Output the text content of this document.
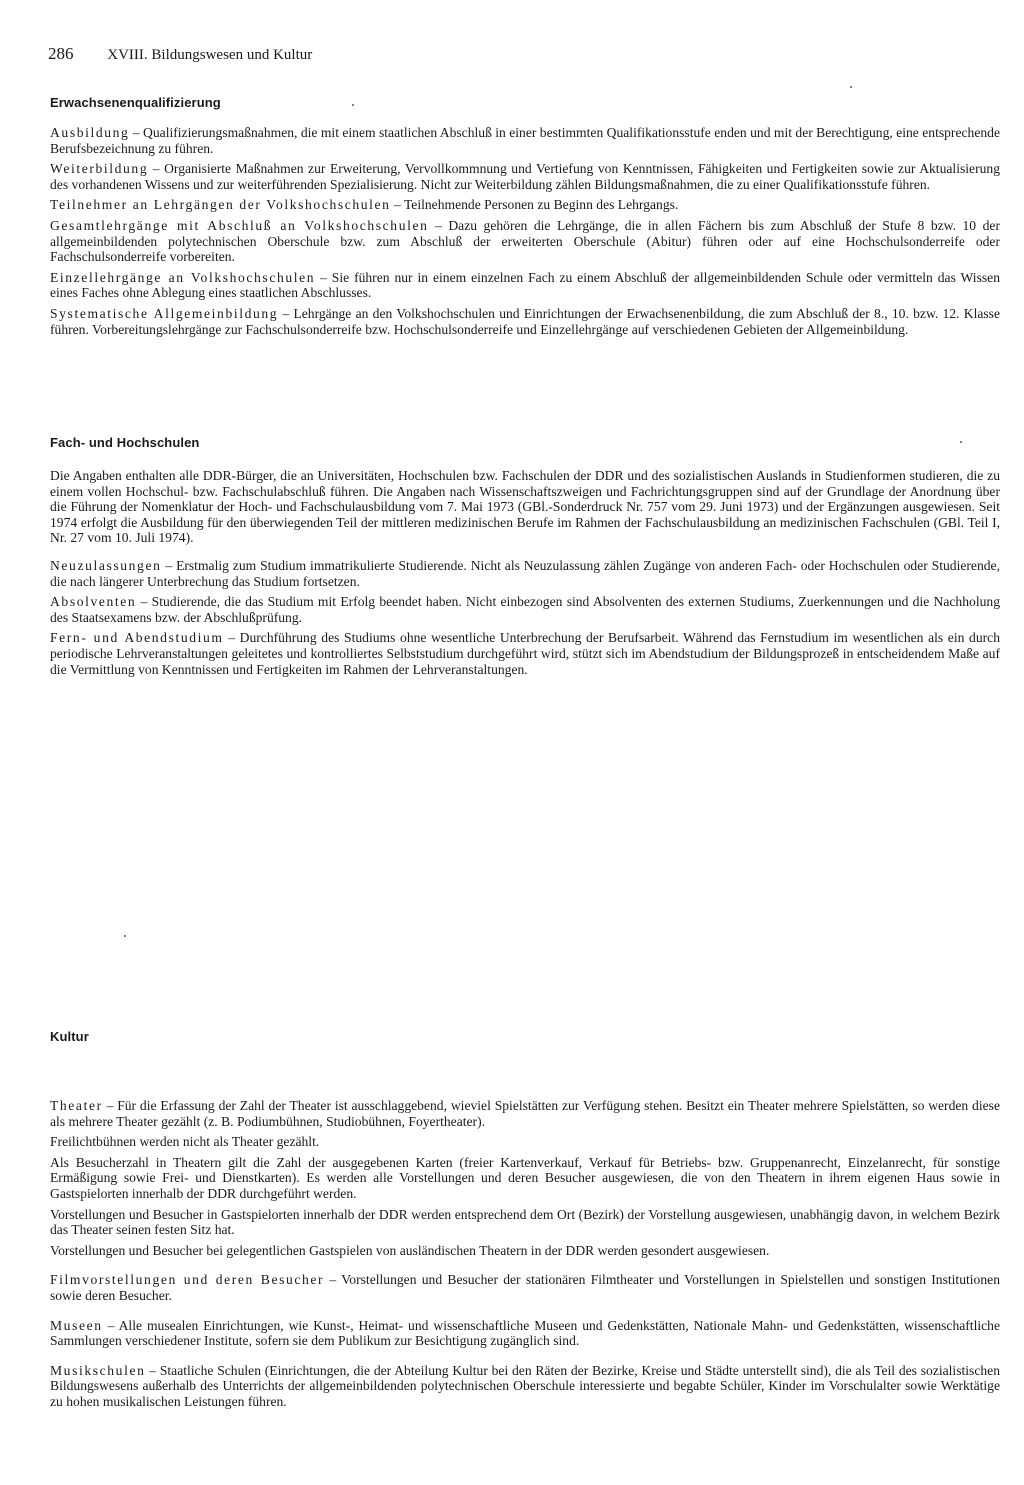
286 XVIII. Bildungswesen und Kultur
Erwachsenenqualifizierung

Ausbildung – Qualifizierungsmaßnahmen, die mit einem staatlichen Abschluß in einer bestimmten Qualifikationsstufe enden und mit der Berechtigung, eine entsprechende Berufsbezeichnung zu führen.

Weiterbildung – Organisierte Maßnahmen zur Erweiterung, Vervollkommnung und Vertiefung von Kenntnissen, Fähigkeiten und Fertigkeiten sowie zur Aktualisierung des vorhandenen Wissens und zur weiterführenden Spezialisierung. Nicht zur Weiterbildung zählen Bildungsmaßnahmen, die zu einer Qualifikationsstufe führen.

Teilnehmer an Lehrgängen der Volkshochschulen – Teilnehmende Personen zu Beginn des Lehrgangs.

Gesamtlehrgänge mit Abschluß an Volkshochschulen – Dazu gehören die Lehrgänge, die in allen Fächern bis zum Abschluß der Stufe 8 bzw. 10 der allgemeinbildenden polytechnischen Oberschule bzw. zum Abschluß der erweiterten Oberschule (Abitur) führen oder auf eine Hochschulsonderreife oder Fachschulsonderreife vorbereiten.

Einzellehrgänge an Volkshochschulen – Sie führen nur in einem einzelnen Fach zu einem Abschluß der allgemeinbildenden Schule oder vermitteln das Wissen eines Faches ohne Ablegung eines staatlichen Abschlusses.

Systematische Allgemeinbildung – Lehrgänge an den Volkshochschulen und Einrichtungen der Erwachsenenbildung, die zum Abschluß der 8., 10. bzw. 12. Klasse führen. Vorbereitungslehrgänge zur Fachschulsonderreife bzw. Hochschulsonderreife und Einzellehrgänge auf verschiedenen Gebieten der Allgemeinbildung.

Fach- und Hochschulen

Die Angaben enthalten alle DDR-Bürger, die an Universitäten, Hochschulen bzw. Fachschulen der DDR und des sozialistischen Auslands in Studienformen studieren, die zu einem vollen Hochschul- bzw. Fachschulabschluß führen. Die Angaben nach Wissenschaftszweigen und Fachrichtungsgruppen sind auf der Grundlage der Anordnung über die Führung der Nomenklatur der Hoch- und Fachschulausbildung vom 7. Mai 1973 (GBl.-Sonderdruck Nr. 757 vom 29. Juni 1973) und der Ergänzungen ausgewiesen. Seit 1974 erfolgt die Ausbildung für den überwiegenden Teil der mittleren medizinischen Berufe im Rahmen der Fachschulausbildung an medizinischen Fachschulen (GBl. Teil I, Nr. 27 vom 10. Juli 1974).

Neuzulassungen – Erstmalig zum Studium immatrikulierte Studierende. Nicht als Neuzulassung zählen Zugänge von anderen Fach- oder Hochschulen oder Studierende, die nach längerer Unterbrechung das Studium fortsetzen.

Absolventen – Studierende, die das Studium mit Erfolg beendet haben. Nicht einbezogen sind Absolventen des externen Studiums, Zuerkennungen und die Nachholung des Staatsexamens bzw. der Abschlußprüfung.

Fern- und Abendstudium – Durchführung des Studiums ohne wesentliche Unterbrechung der Berufsarbeit. Während das Fernstudium im wesentlichen als ein durch periodische Lehrveranstaltungen geleitetes und kontrolliertes Selbststudium durchgeführt wird, stützt sich im Abendstudium der Bildungsprozeß in entscheidendem Maße auf die Vermittlung von Kenntnissen und Fertigkeiten im Rahmen der Lehrveranstaltungen.

Kultur

Theater – Für die Erfassung der Zahl der Theater ist ausschlaggebend, wieviel Spielstätten zur Verfügung stehen. Besitzt ein Theater mehrere Spielstätten, so werden diese als mehrere Theater gezählt (z. B. Podiumbühnen, Studiobühnen, Foyertheater).

Freilichtbühnen werden nicht als Theater gezählt.

Als Besucherzahl in Theatern gilt die Zahl der ausgegebenen Karten (freier Kartenverkauf, Verkauf für Betriebs- bzw. Gruppenanrecht, Einzelanrecht, für sonstige Ermäßigung sowie Frei- und Dienstkarten). Es werden alle Vorstellungen und deren Besucher ausgewiesen, die von den Theatern in ihrem eigenen Haus sowie in Gastspielorten innerhalb der DDR durchgeführt werden.

Vorstellungen und Besucher in Gastspielorten innerhalb der DDR werden entsprechend dem Ort (Bezirk) der Vorstellung ausgewiesen, unabhängig davon, in welchem Bezirk das Theater seinen festen Sitz hat.

Vorstellungen und Besucher bei gelegentlichen Gastspielen von ausländischen Theatern in der DDR werden gesondert ausgewiesen.

Filmvorstellungen und deren Besucher – Vorstellungen und Besucher der stationären Filmtheater und Vorstellungen in Spielstellen und sonstigen Institutionen sowie deren Besucher.

Museen – Alle musealen Einrichtungen, wie Kunst-, Heimat- und wissenschaftliche Museen und Gedenkstätten, Nationale Mahn- und Gedenkstätten, wissenschaftliche Sammlungen verschiedener Institute, sofern sie dem Publikum zur Besichtigung zugänglich sind.

Musikschulen – Staatliche Schulen (Einrichtungen, die der Abteilung Kultur bei den Räten der Bezirke, Kreise und Städte unterstellt sind), die als Teil des sozialistischen Bildungswesens außerhalb des Unterrichts der allgemeinbildenden polytechnischen Oberschule interessierte und begabte Schüler, Kinder im Vorschulalter sowie Werktätige zu hohen musikalischen Leistungen führen.
